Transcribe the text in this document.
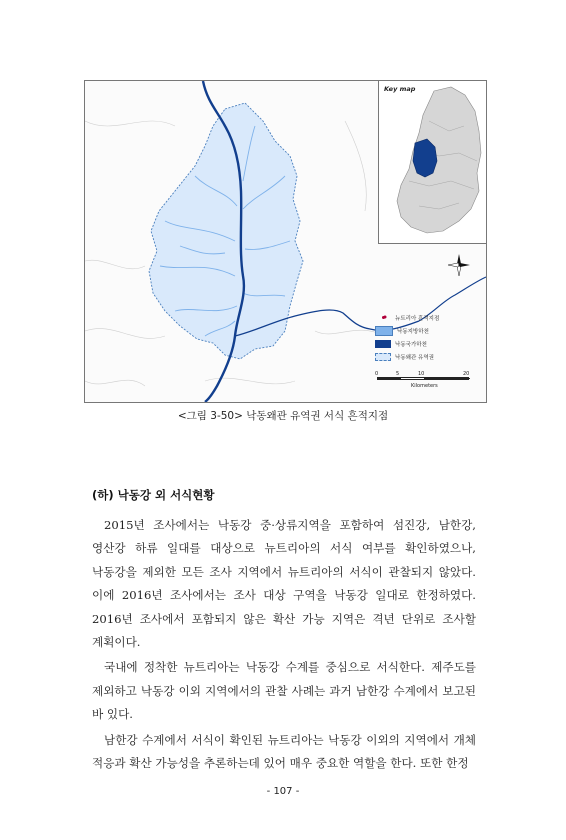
Key map
뉴트리아 흔적지점
낙동지방하천
낙동국가하천
낙동왜관 유역권
0	5	10	20
Kilometers
<그림 3-50> 낙동왜관 유역권 서식 흔적지점
(하) 낙동강 외 서식현황

2015년 조사에서는 낙동강 중·상류지역을 포함하여 섬진강, 남한강, 영산강 하류 일대를 대상으로 뉴트리아의 서식 여부를 확인하였으나, 낙동강을 제외한 모든 조사 지역에서 뉴트리아의 서식이 관찰되지 않았다. 이에 2016년 조사에서는 조사 대상 구역을 낙동강 일대로 한정하였다. 2016년 조사에서 포함되지 않은 확산 가능 지역은 격년 단위로 조사할 계획이다.

국내에 정착한 뉴트리아는 낙동강 수계를 중심으로 서식한다. 제주도를 제외하고 낙동강 이외 지역에서의 관찰 사례는 과거 남한강 수계에서 보고된 바 있다.

남한강 수계에서 서식이 확인된 뉴트리아는 낙동강 이외의 지역에서 개체 적응과 확산 가능성을 추론하는데 있어 매우 중요한 역할을 한다. 또한 한정

- 107 -
